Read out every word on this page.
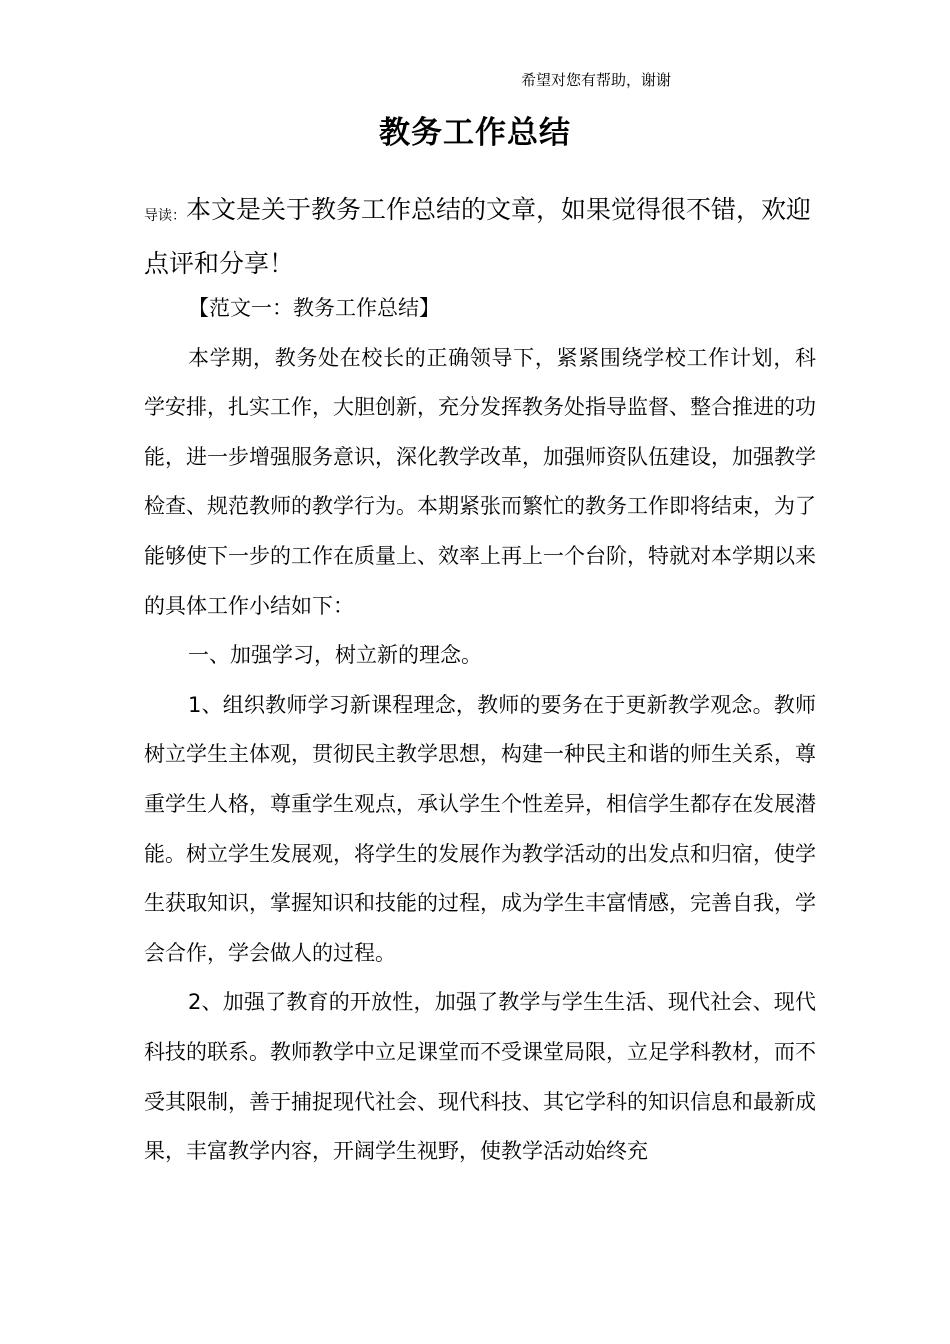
希望对您有帮助，谢谢
教务工作总结
导读：本文是关于教务工作总结的文章，如果觉得很不错，欢迎点评和分享！

【范文一：教务工作总结】

本学期，教务处在校长的正确领导下，紧紧围绕学校工作计划，科学安排，扎实工作，大胆创新，充分发挥教务处指导监督、整合推进的功能，进一步增强服务意识，深化教学改革，加强师资队伍建设，加强教学检查、规范教师的教学行为。本期紧张而繁忙的教务工作即将结束，为了能够使下一步的工作在质量上、效率上再上一个台阶，特就对本学期以来的具体工作小结如下：

一、加强学习，树立新的理念。

1、组织教师学习新课程理念，教师的要务在于更新教学观念。教师树立学生主体观，贯彻民主教学思想，构建一种民主和谐的师生关系，尊重学生人格，尊重学生观点，承认学生个性差异，相信学生都存在发展潜能。树立学生发展观，将学生的发展作为教学活动的出发点和归宿，使学生获取知识，掌握知识和技能的过程，成为学生丰富情感，完善自我，学会合作，学会做人的过程。

2、加强了教育的开放性，加强了教学与学生生活、现代社会、现代科技的联系。教师教学中立足课堂而不受课堂局限，立足学科教材，而不受其限制，善于捕捉现代社会、现代科技、其它学科的知识信息和最新成果，丰富教学内容，开阔学生视野，使教学活动始终充
